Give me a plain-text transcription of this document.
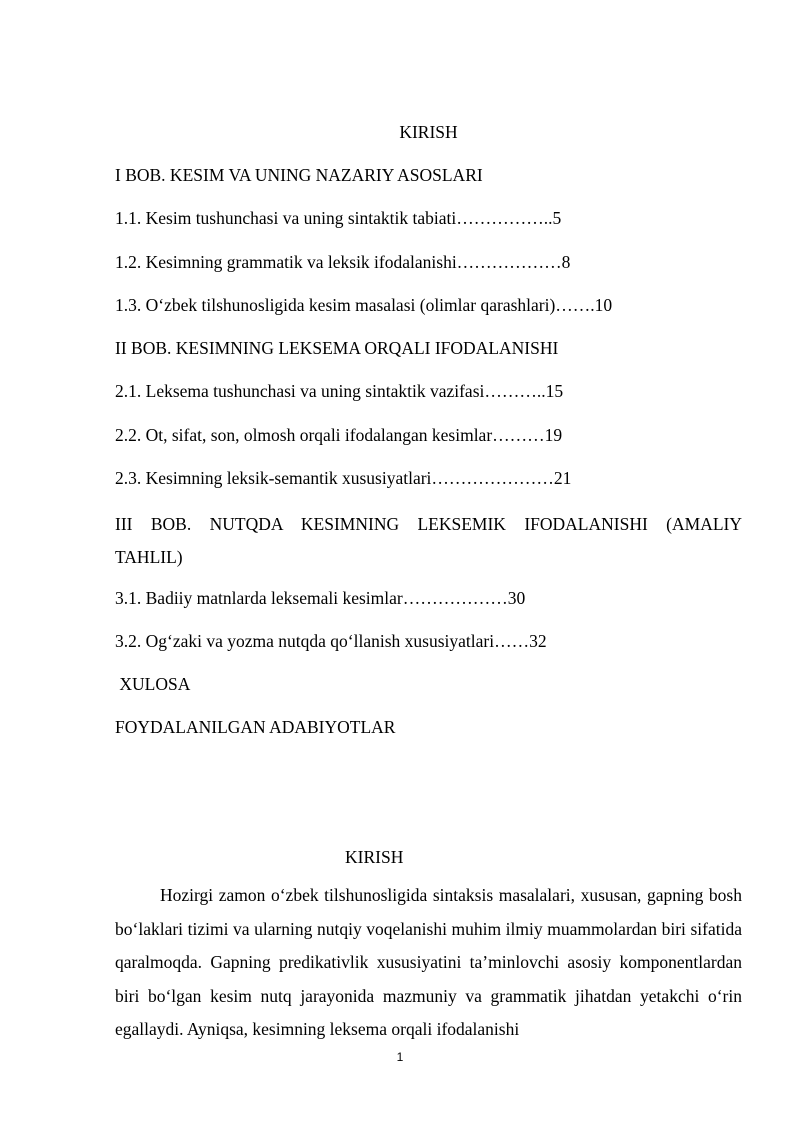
KIRISH
I BOB. KESIM VA UNING NAZARIY ASOSLARI
1.1. Kesim tushunchasi va uning sintaktik tabiati……………..5
1.2. Kesimning grammatik va leksik ifodalanishi………………8
1.3. O‘zbek tilshunosligida kesim masalasi (olimlar qarashlari)…….10
II BOB. KESIMNING LEKSEMA ORQALI IFODALANISHI
2.1. Leksema tushunchasi va uning sintaktik vazifasi………..15
2.2. Ot, sifat, son, olmosh orqali ifodalangan kesimlar………19
2.3. Kesimning leksik-semantik xususiyatlari…………………21
III BOB. NUTQDA KESIMNING LEKSEMIK IFODALANISHI (AMALIY TAHLIL)
3.1. Badiiy matnlarda leksemali kesimlar………………30
3.2. Og‘zaki va yozma nutqda qo‘llanish xususiyatlari……32
XULOSA
FOYDALANILGAN ADABIYOTLAR
KIRISH
Hozirgi zamon o‘zbek tilshunosligida sintaksis masalalari, xususan, gapning bosh bo‘laklari tizimi va ularning nutqiy voqelanishi muhim ilmiy muammolardan biri sifatida qaralmoqda. Gapning predikativlik xususiyatini ta’minlovchi asosiy komponentlardan biri bo‘lgan kesim nutq jarayonida mazmuniy va grammatik jihatdan yetakchi o‘rin egallaydi. Ayniqsa, kesimning leksema orqali ifodalanishi
1
